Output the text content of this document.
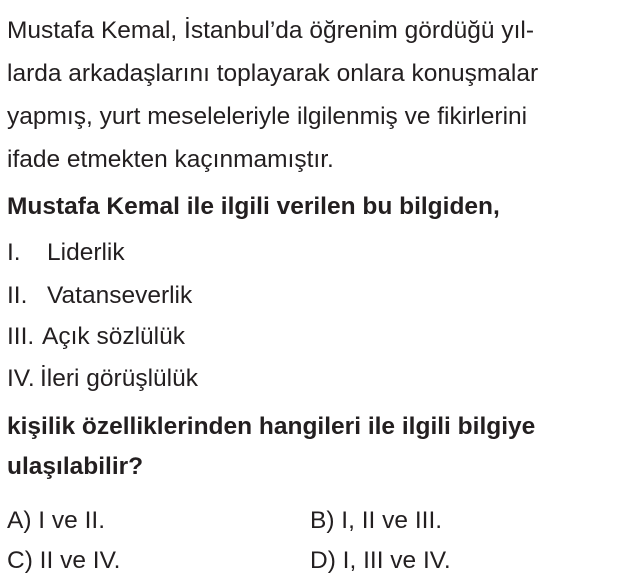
Mustafa Kemal, İstanbul’da öğrenim gördüğü yıl-
larda arkadaşlarını toplayarak onlara konuşmalar
yapmış, yurt meseleleriyle ilgilenmiş ve fikirlerini
ifade etmekten kaçınmamıştır.
Mustafa Kemal ile ilgili verilen bu bilgiden,
I. Liderlik
II. Vatanseverlik
III. Açık sözlülük
IV. İleri görüşlülük
kişilik özelliklerinden hangileri ile ilgili bilgiye
ulaşılabilir?
A) I ve II.	B) I, II ve III.
C) II ve IV.	D) I, III ve IV.
